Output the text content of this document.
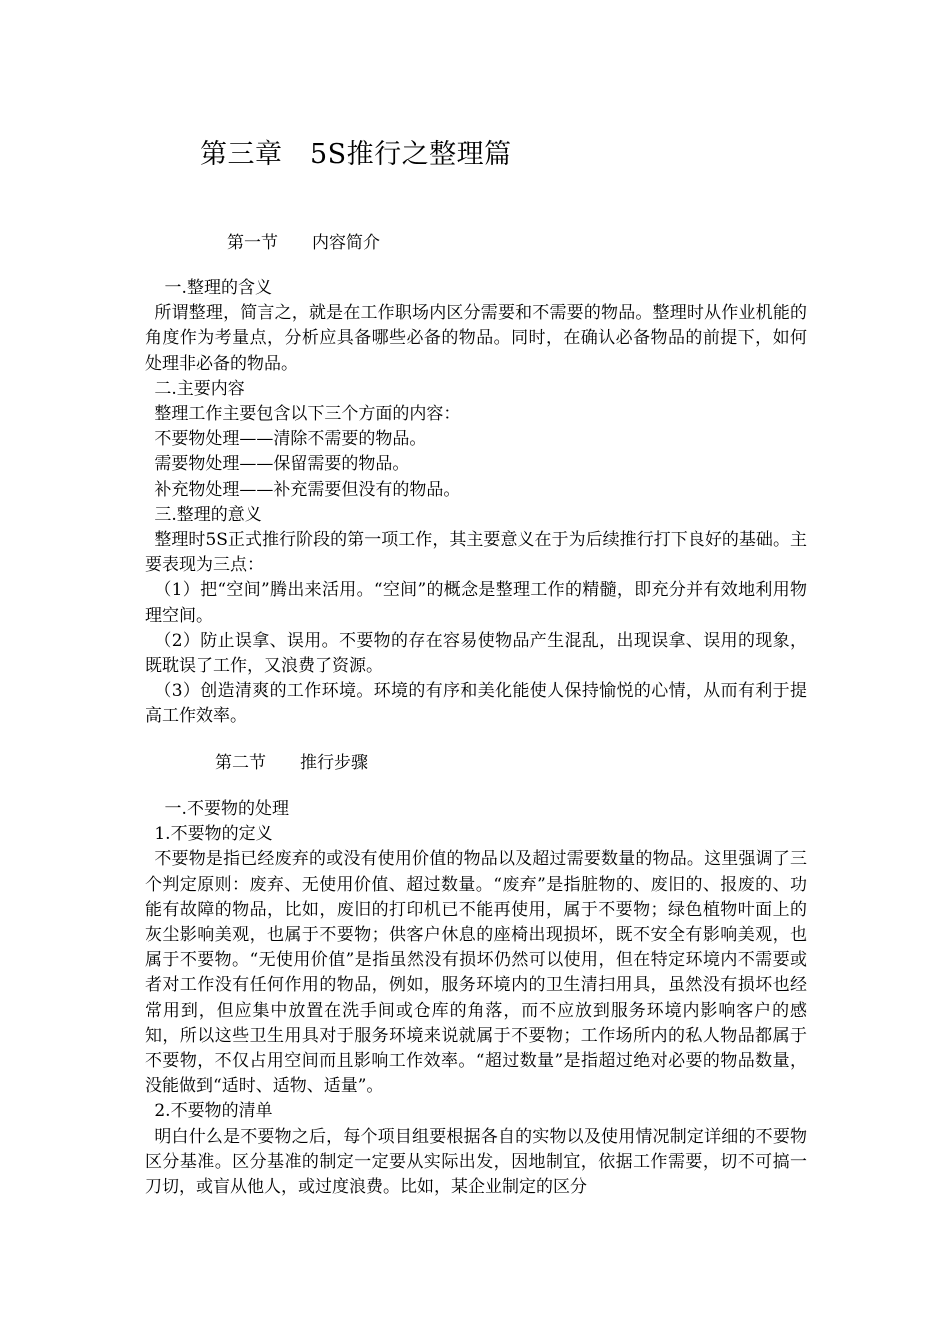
第三章　5S推行之整理篇
第一节　　内容简介

一.整理的含义

所谓整理，简言之，就是在工作职场内区分需要和不需要的物品。整理时从作业机能的角度作为考量点，分析应具备哪些必备的物品。同时，在确认必备物品的前提下，如何处理非必备的物品。

二.主要内容

整理工作主要包含以下三个方面的内容：

不要物处理——清除不需要的物品。

需要物处理——保留需要的物品。

补充物处理——补充需要但没有的物品。

三.整理的意义

整理时5S正式推行阶段的第一项工作，其主要意义在于为后续推行打下良好的基础。主要表现为三点：

（1）把“空间”腾出来活用。“空间”的概念是整理工作的精髓，即充分并有效地利用物理空间。

（2）防止误拿、误用。不要物的存在容易使物品产生混乱，出现误拿、误用的现象，既耽误了工作，又浪费了资源。

（3）创造清爽的工作环境。环境的有序和美化能使人保持愉悦的心情，从而有利于提高工作效率。

第二节　　推行步骤

一.不要物的处理

1.不要物的定义

不要物是指已经废弃的或没有使用价值的物品以及超过需要数量的物品。这里强调了三个判定原则：废弃、无使用价值、超过数量。“废弃”是指脏物的、废旧的、报废的、功能有故障的物品，比如，废旧的打印机已不能再使用，属于不要物；绿色植物叶面上的灰尘影响美观，也属于不要物；供客户休息的座椅出现损坏，既不安全有影响美观，也属于不要物。“无使用价值”是指虽然没有损坏仍然可以使用，但在特定环境内不需要或者对工作没有任何作用的物品，例如，服务环境内的卫生清扫用具，虽然没有损坏也经常用到，但应集中放置在洗手间或仓库的角落，而不应放到服务环境内影响客户的感知，所以这些卫生用具对于服务环境来说就属于不要物；工作场所内的私人物品都属于不要物，不仅占用空间而且影响工作效率。“超过数量”是指超过绝对必要的物品数量，没能做到“适时、适物、适量”。

2.不要物的清单

明白什么是不要物之后，每个项目组要根据各自的实物以及使用情况制定详细的不要物区分基准。区分基准的制定一定要从实际出发，因地制宜，依据工作需要，切不可搞一刀切，或盲从他人，或过度浪费。比如，某企业制定的区分
